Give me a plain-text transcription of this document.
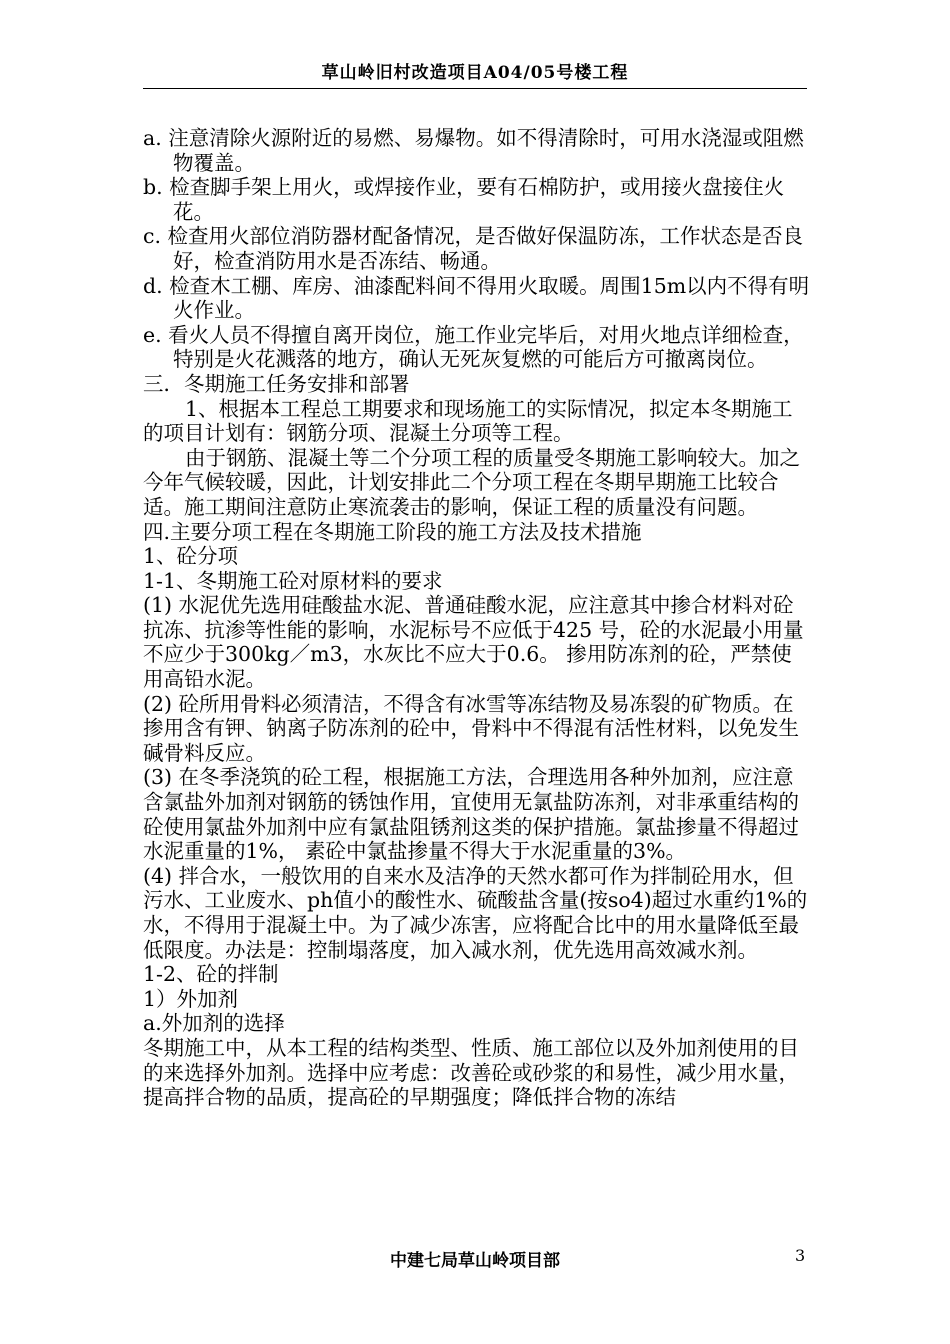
草山岭旧村改造项目A04/05号楼工程

a. 注意清除火源附近的易燃、易爆物。如不得清除时，可用水浇湿或阻燃物覆盖。

b. 检查脚手架上用火，或焊接作业，要有石棉防护，或用接火盘接住火花。

c. 检查用火部位消防器材配备情况，是否做好保温防冻，工作状态是否良好，检查消防用水是否冻结、畅通。

d. 检查木工棚、库房、油漆配料间不得用火取暖。周围15m以内不得有明火作业。

e. 看火人员不得擅自离开岗位，施工作业完毕后，对用火地点详细检查，特别是火花溅落的地方，确认无死灰复燃的可能后方可撤离岗位。

三．冬期施工任务安排和部署

1、根据本工程总工期要求和现场施工的实际情况，拟定本冬期施工的项目计划有：钢筋分项、混凝土分项等工程。

由于钢筋、混凝土等二个分项工程的质量受冬期施工影响较大。加之今年气候较暖，因此，计划安排此二个分项工程在冬期早期施工比较合适。施工期间注意防止寒流袭击的影响，保证工程的质量没有问题。

四.主要分项工程在冬期施工阶段的施工方法及技术措施

1、砼分项

1-1、冬期施工砼对原材料的要求

(1) 水泥优先选用硅酸盐水泥、普通硅酸水泥，应注意其中掺合材料对砼抗冻、抗渗等性能的影响，水泥标号不应低于425 号，砼的水泥最小用量不应少于300kg／m3，水灰比不应大于0.6。 掺用防冻剂的砼，严禁使用高铅水泥。

(2) 砼所用骨料必须清洁，不得含有冰雪等冻结物及易冻裂的矿物质。在掺用含有钾、钠离子防冻剂的砼中，骨料中不得混有活性材料，以免发生碱骨料反应。

(3) 在冬季浇筑的砼工程，根据施工方法，合理选用各种外加剂，应注意含氯盐外加剂对钢筋的锈蚀作用，宜使用无氯盐防冻剂，对非承重结构的砼使用氯盐外加剂中应有氯盐阻锈剂这类的保护措施。氯盐掺量不得超过水泥重量的1%， 素砼中氯盐掺量不得大于水泥重量的3%。

(4) 拌合水，一般饮用的自来水及洁净的天然水都可作为拌制砼用水，但污水、工业废水、ph值小的酸性水、硫酸盐含量(按so4)超过水重约1%的水，不得用于混凝土中。为了减少冻害，应将配合比中的用水量降低至最低限度。办法是：控制塌落度，加入减水剂，优先选用高效减水剂。

1-2、砼的拌制

1）外加剂

a.外加剂的选择

冬期施工中，从本工程的结构类型、性质、施工部位以及外加剂使用的目的来选择外加剂。选择中应考虑：改善砼或砂浆的和易性，减少用水量，提高拌合物的品质，提高砼的早期强度；降低拌合物的冻结

中建七局草山岭项目部	3
